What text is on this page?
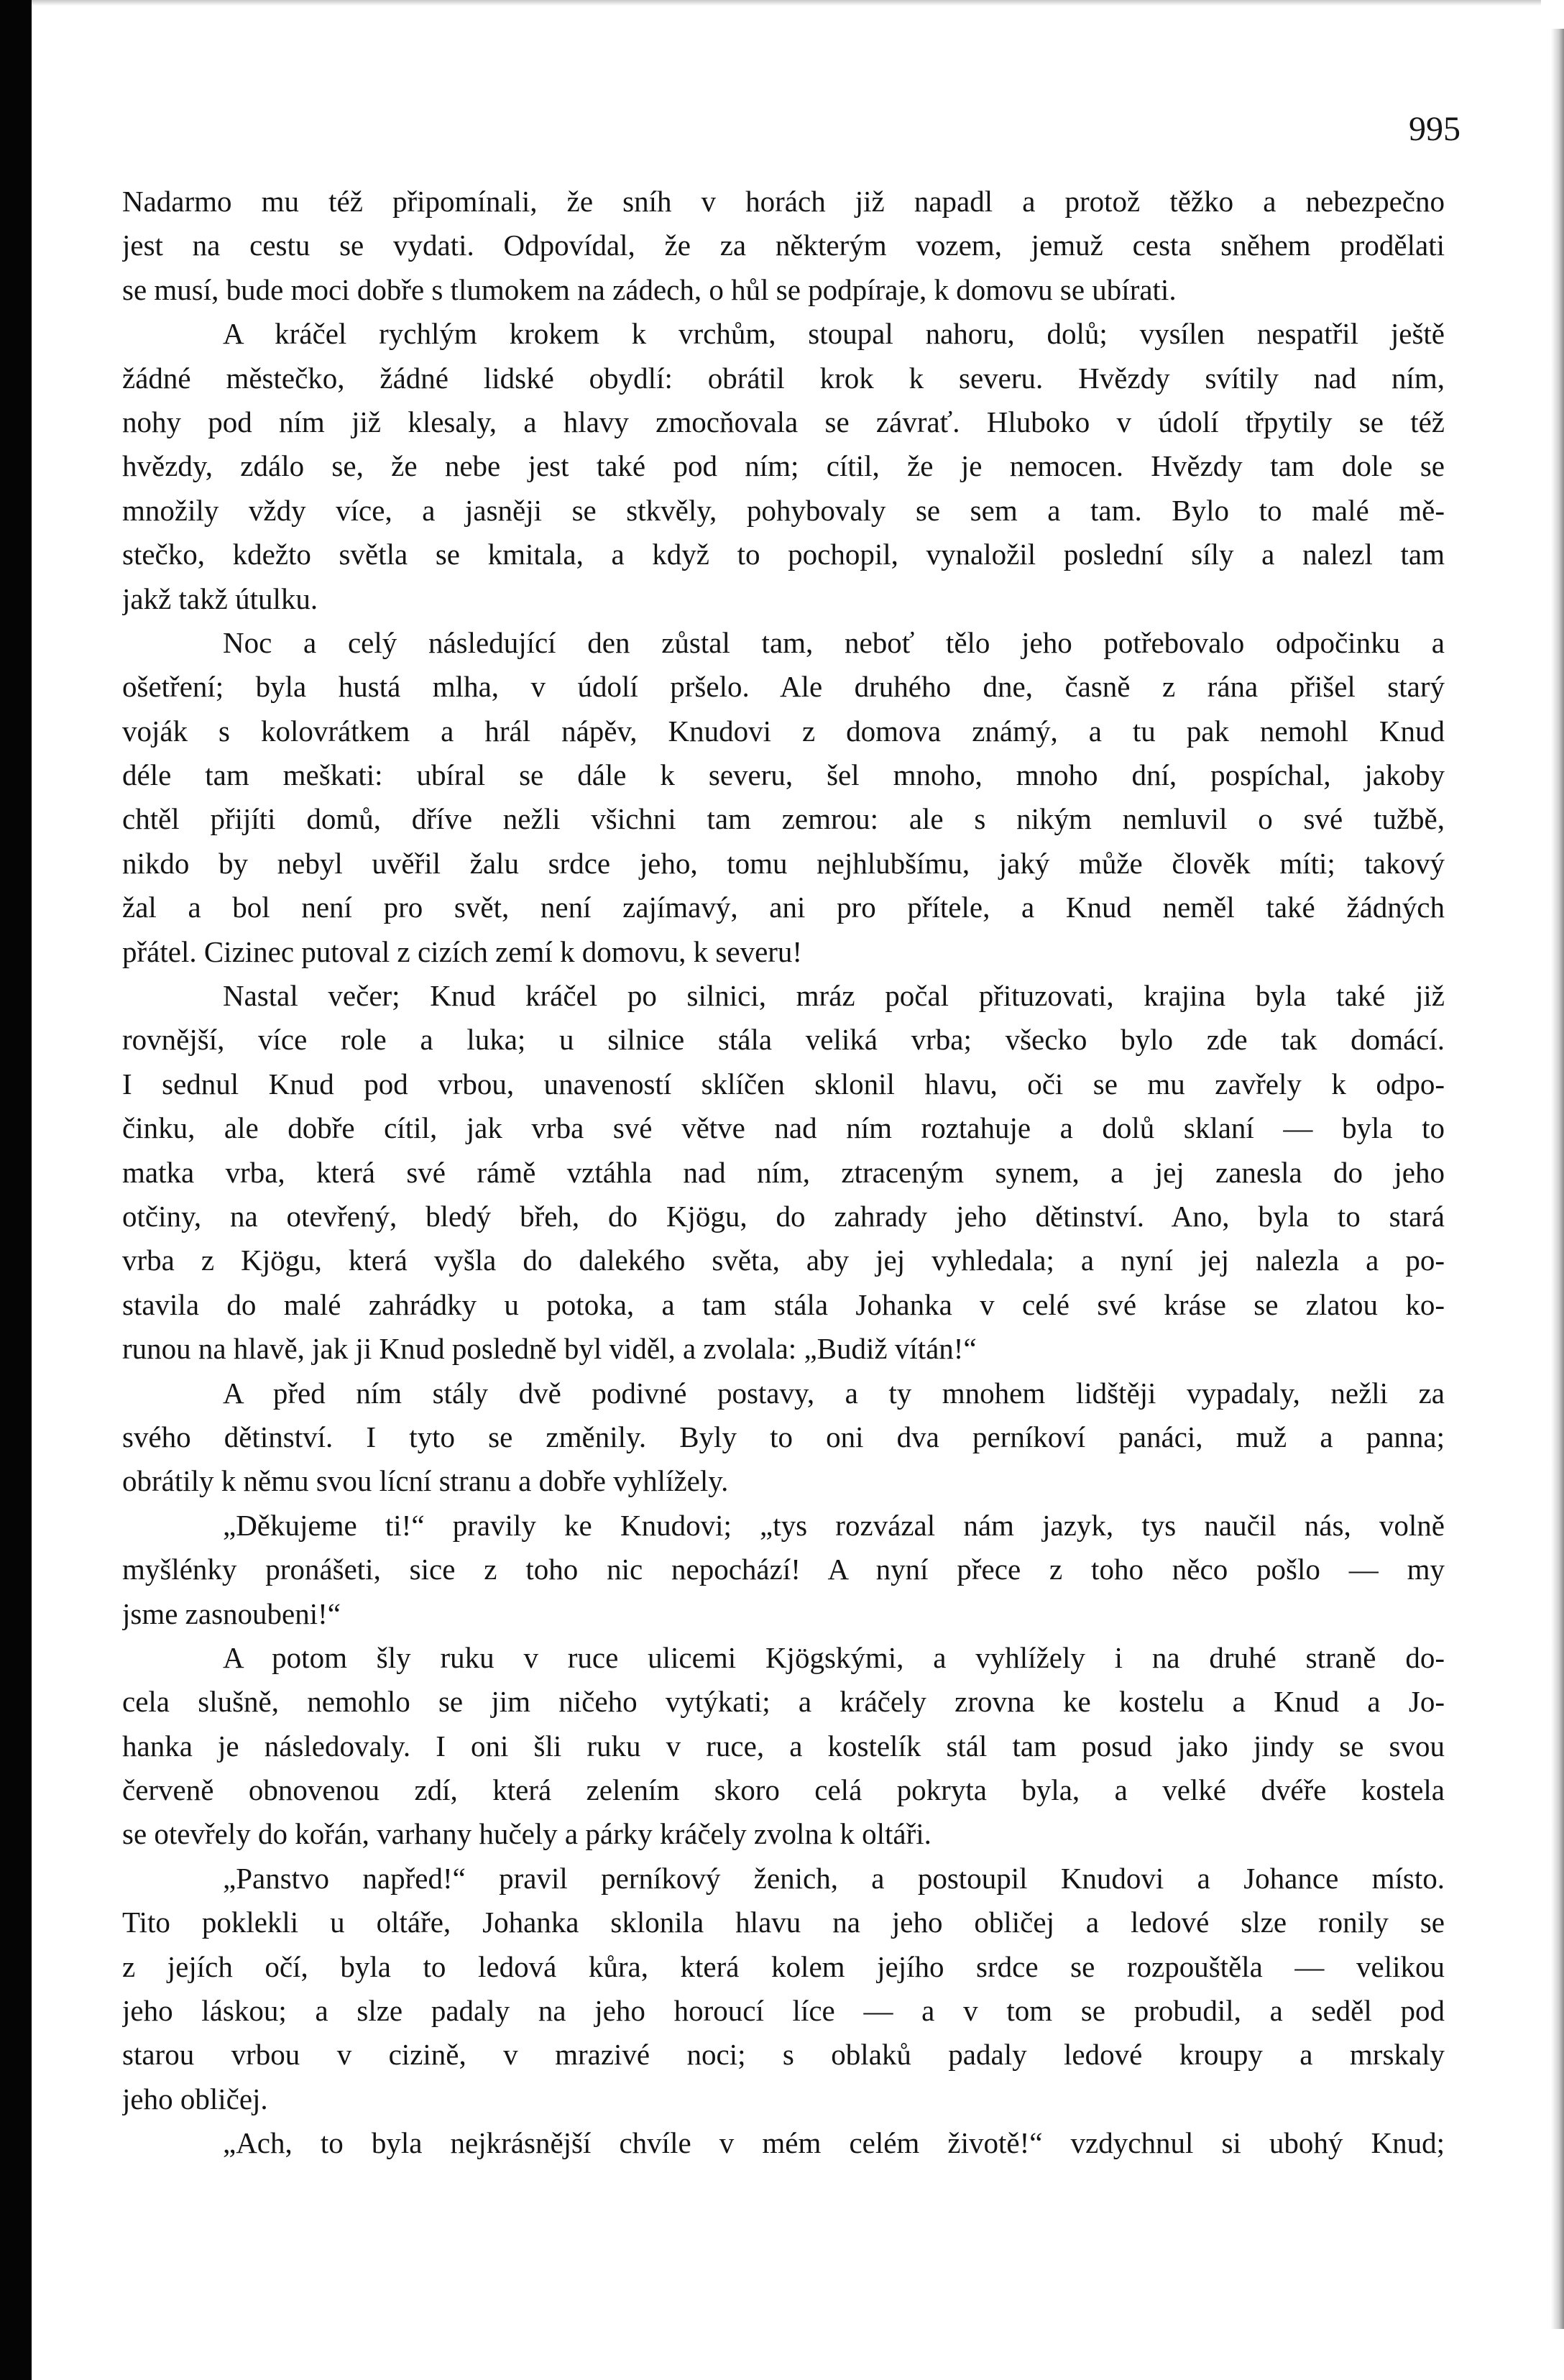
995
Nadarmo mu též připomínali, že sníh v horách již napadl a protož těžko a nebezpečno
jest na cestu se vydati. Odpovídal, že za některým vozem, jemuž cesta sněhem prodělati
se musí, bude moci dobře s tlumokem na zádech, o hůl se podpíraje, k domovu se ubírati.
A kráčel rychlým krokem k vrchům, stoupal nahoru, dolů; vysílen nespatřil ještě
žádné městečko, žádné lidské obydlí: obrátil krok k severu. Hvězdy svítily nad ním,
nohy pod ním již klesaly, a hlavy zmocňovala se závrať. Hluboko v údolí třpytily se též
hvězdy, zdálo se, že nebe jest také pod ním; cítil, že je nemocen. Hvězdy tam dole se
množily vždy více, a jasněji se stkvěly, pohybovaly se sem a tam. Bylo to malé mě-
stečko, kdežto světla se kmitala, a když to pochopil, vynaložil poslední síly a nalezl tam
jakž takž útulku.
Noc a celý následující den zůstal tam, neboť tělo jeho potřebovalo odpočinku a
ošetření; byla hustá mlha, v údolí pršelo. Ale druhého dne, časně z rána přišel starý
voják s kolovrátkem a hrál nápěv, Knudovi z domova známý, a tu pak nemohl Knud
déle tam meškati: ubíral se dále k severu, šel mnoho, mnoho dní, pospíchal, jakoby
chtěl přijíti domů, dříve nežli všichni tam zemrou: ale s nikým nemluvil o své tužbě,
nikdo by nebyl uvěřil žalu srdce jeho, tomu nejhlubšímu, jaký může člověk míti; takový
žal a bol není pro svět, není zajímavý, ani pro přítele, a Knud neměl také žádných
přátel. Cizinec putoval z cizích zemí k domovu, k severu!
Nastal večer; Knud kráčel po silnici, mráz počal přituzovati, krajina byla také již
rovnější, více role a luka; u silnice stála veliká vrba; všecko bylo zde tak domácí.
I sednul Knud pod vrbou, unaveností sklíčen sklonil hlavu, oči se mu zavřely k odpo-
činku, ale dobře cítil, jak vrba své větve nad ním roztahuje a dolů sklaní — byla to
matka vrba, která své rámě vztáhla nad ním, ztraceným synem, a jej zanesla do jeho
otčiny, na otevřený, bledý břeh, do Kjögu, do zahrady jeho dětinství. Ano, byla to stará
vrba z Kjögu, která vyšla do dalekého světa, aby jej vyhledala; a nyní jej nalezla a po-
stavila do malé zahrádky u potoka, a tam stála Johanka v celé své kráse se zlatou ko-
runou na hlavě, jak ji Knud posledně byl viděl, a zvolala: „Budiž vítán!“
A před ním stály dvě podivné postavy, a ty mnohem lidštěji vypadaly, nežli za
svého dětinství. I tyto se změnily. Byly to oni dva perníkoví panáci, muž a panna;
obrátily k němu svou lícní stranu a dobře vyhlížely.
„Děkujeme ti!“ pravily ke Knudovi; „tys rozvázal nám jazyk, tys naučil nás, volně
myšlénky pronášeti, sice z toho nic nepochází! A nyní přece z toho něco pošlo — my
jsme zasnoubeni!“
A potom šly ruku v ruce ulicemi Kjögskými, a vyhlížely i na druhé straně do-
cela slušně, nemohlo se jim ničeho vytýkati; a kráčely zrovna ke kostelu a Knud a Jo-
hanka je následovaly. I oni šli ruku v ruce, a kostelík stál tam posud jako jindy se svou
červeně obnovenou zdí, která zelením skoro celá pokryta byla, a velké dvéře kostela
se otevřely do kořán, varhany hučely a párky kráčely zvolna k oltáři.
„Panstvo napřed!“ pravil perníkový ženich, a postoupil Knudovi a Johance místo.
Tito poklekli u oltáře, Johanka sklonila hlavu na jeho obličej a ledové slze ronily se
z jejích očí, byla to ledová kůra, která kolem jejího srdce se rozpouštěla — velikou
jeho láskou; a slze padaly na jeho horoucí líce — a v tom se probudil, a seděl pod
starou vrbou v cizině, v mrazivé noci; s oblaků padaly ledové kroupy a mrskaly
jeho obličej.
„Ach, to byla nejkrásnější chvíle v mém celém životě!“ vzdychnul si ubohý Knud;
